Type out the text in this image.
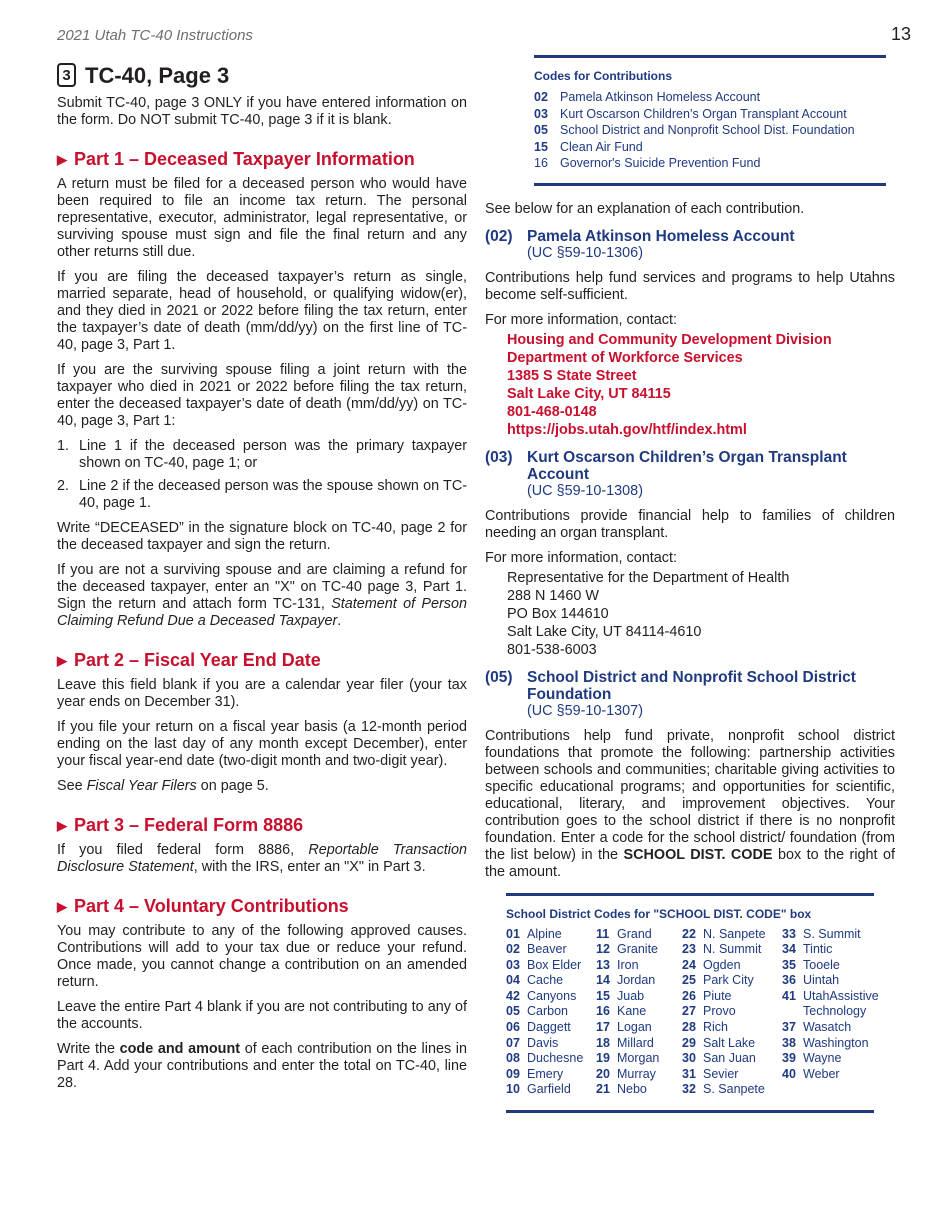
2021 Utah TC-40 Instructions	13
3 TC-40, Page 3

Submit TC-40, page 3 ONLY if you have entered information on the form. Do NOT submit TC-40, page 3 if it is blank.

▶ Part 1 – Deceased Taxpayer Information

A return must be filed for a deceased person who would have been required to file an income tax return. The personal representative, executor, administrator, legal representative, or surviving spouse must sign and file the final return and any other returns still due.

If you are filing the deceased taxpayer’s return as single, married separate, head of household, or qualifying widow(er), and they died in 2021 or 2022 before filing the tax return, enter the taxpayer’s date of death (mm/dd/yy) on the first line of TC-40, page 3, Part 1.

If you are the surviving spouse filing a joint return with the taxpayer who died in 2021 or 2022 before filing the tax return, enter the deceased taxpayer’s date of death (mm/dd/yy) on TC-40, page 3, Part 1:

1. Line 1 if the deceased person was the primary taxpayer shown on TC-40, page 1; or
2. Line 2 if the deceased person was the spouse shown on TC-40, page 1.

Write “DECEASED” in the signature block on TC-40, page 2 for the deceased taxpayer and sign the return.

If you are not a surviving spouse and are claiming a refund for the deceased taxpayer, enter an "X" on TC-40 page 3, Part 1. Sign the return and attach form TC-131, Statement of Person Claiming Refund Due a Deceased Taxpayer.

▶ Part 2 – Fiscal Year End Date

Leave this field blank if you are a calendar year filer (your tax year ends on December 31).

If you file your return on a fiscal year basis (a 12-month period ending on the last day of any month except December), enter your fiscal year-end date (two-digit month and two-digit year).

See Fiscal Year Filers on page 5.

▶ Part 3 – Federal Form 8886

If you filed federal form 8886, Reportable Transaction Disclosure Statement, with the IRS, enter an "X" in Part 3.

▶ Part 4 – Voluntary Contributions

You may contribute to any of the following approved causes. Contributions will add to your tax due or reduce your refund. Once made, you cannot change a contribution on an amended return.

Leave the entire Part 4 blank if you are not contributing to any of the accounts.

Write the code and amount of each contribution on the lines in Part 4. Add your contributions and enter the total on TC-40, line 28.

Codes for Contributions
02 Pamela Atkinson Homeless Account
03 Kurt Oscarson Children’s Organ Transplant Account
05 School District and Nonprofit School Dist. Foundation
15 Clean Air Fund
16 Governor's Suicide Prevention Fund

See below for an explanation of each contribution.

(02) Pamela Atkinson Homeless Account
(UC §59-10-1306)

Contributions help fund services and programs to help Utahns become self-sufficient.

For more information, contact:

Housing and Community Development Division
Department of Workforce Services
1385 S State Street
Salt Lake City, UT 84115
801-468-0148
https://jobs.utah.gov/htf/index.html
(03) Kurt Oscarson Children’s Organ Transplant Account
(UC §59-10-1308)

Contributions provide financial help to families of children needing an organ transplant.

For more information, contact:

Representative for the Department of Health
288 N 1460 W
PO Box 144610
Salt Lake City, UT 84114-4610
801-538-6003
(05) School District and Nonprofit School District Foundation
(UC §59-10-1307)

Contributions help fund private, nonprofit school district foundations that promote the following: partnership activities between schools and communities; charitable giving activities to specific educational programs; and opportunities for scientific, educational, literary, and improvement objectives. Your contribution goes to the school district if there is no nonprofit foundation. Enter a code for the school district/ foundation (from the list below) in the SCHOOL DIST. CODE box to the right of the amount.

School District Codes for "SCHOOL DIST. CODE" box
01 Alpine
02 Beaver
03 Box Elder
04 Cache
42 Canyons
05 Carbon
06 Daggett
07 Davis
08 Duchesne
09 Emery
10 Garfield
11 Grand
12 Granite
13 Iron
14 Jordan
15 Juab
16 Kane
17 Logan
18 Millard
19 Morgan
20 Murray
21 Nebo
22 N. Sanpete
23 N. Summit
24 Ogden
25 Park City
26 Piute
27 Provo
28 Rich
29 Salt Lake
30 San Juan
31 Sevier
32 S. Sanpete
33 S. Summit
34 Tintic
35 Tooele
36 Uintah
41 UtahAssistive Technology
37 Wasatch
38 Washington
39 Wayne
40 Weber
